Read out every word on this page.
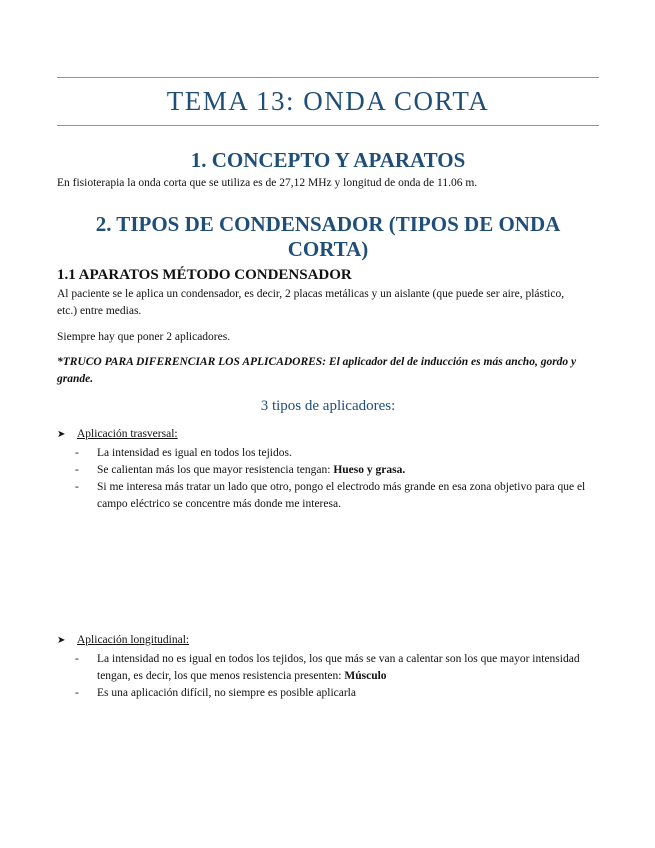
TEMA 13: ONDA CORTA
1. CONCEPTO Y APARATOS
En fisioterapia la onda corta que se utiliza es de 27,12 MHz y longitud de onda de 11.06 m.
2. TIPOS DE CONDENSADOR (TIPOS DE ONDA
CORTA)
1.1 APARATOS MÉTODO CONDENSADOR
Al paciente se le aplica un condensador, es decir, 2 placas metálicas y un aislante (que puede ser aire, plástico,
etc.) entre medias.
Siempre hay que poner 2 aplicadores.
*TRUCO PARA DIFERENCIAR LOS APLICADORES: El aplicador del de inducción es más ancho, gordo y
grande.
3 tipos de aplicadores:
➤ Aplicación trasversal:
- La intensidad es igual en todos los tejidos.
- Se calientan más los que mayor resistencia tengan: Hueso y grasa.
- Si me interesa más tratar un lado que otro, pongo el electrodo más grande en esa zona objetivo para que el
campo eléctrico se concentre más donde me interesa.
➤ Aplicación longitudinal:
- La intensidad no es igual en todos los tejidos, los que más se van a calentar son los que mayor intensidad
tengan, es decir, los que menos resistencia presenten: Músculo
- Es una aplicación difícil, no siempre es posible aplicarla
